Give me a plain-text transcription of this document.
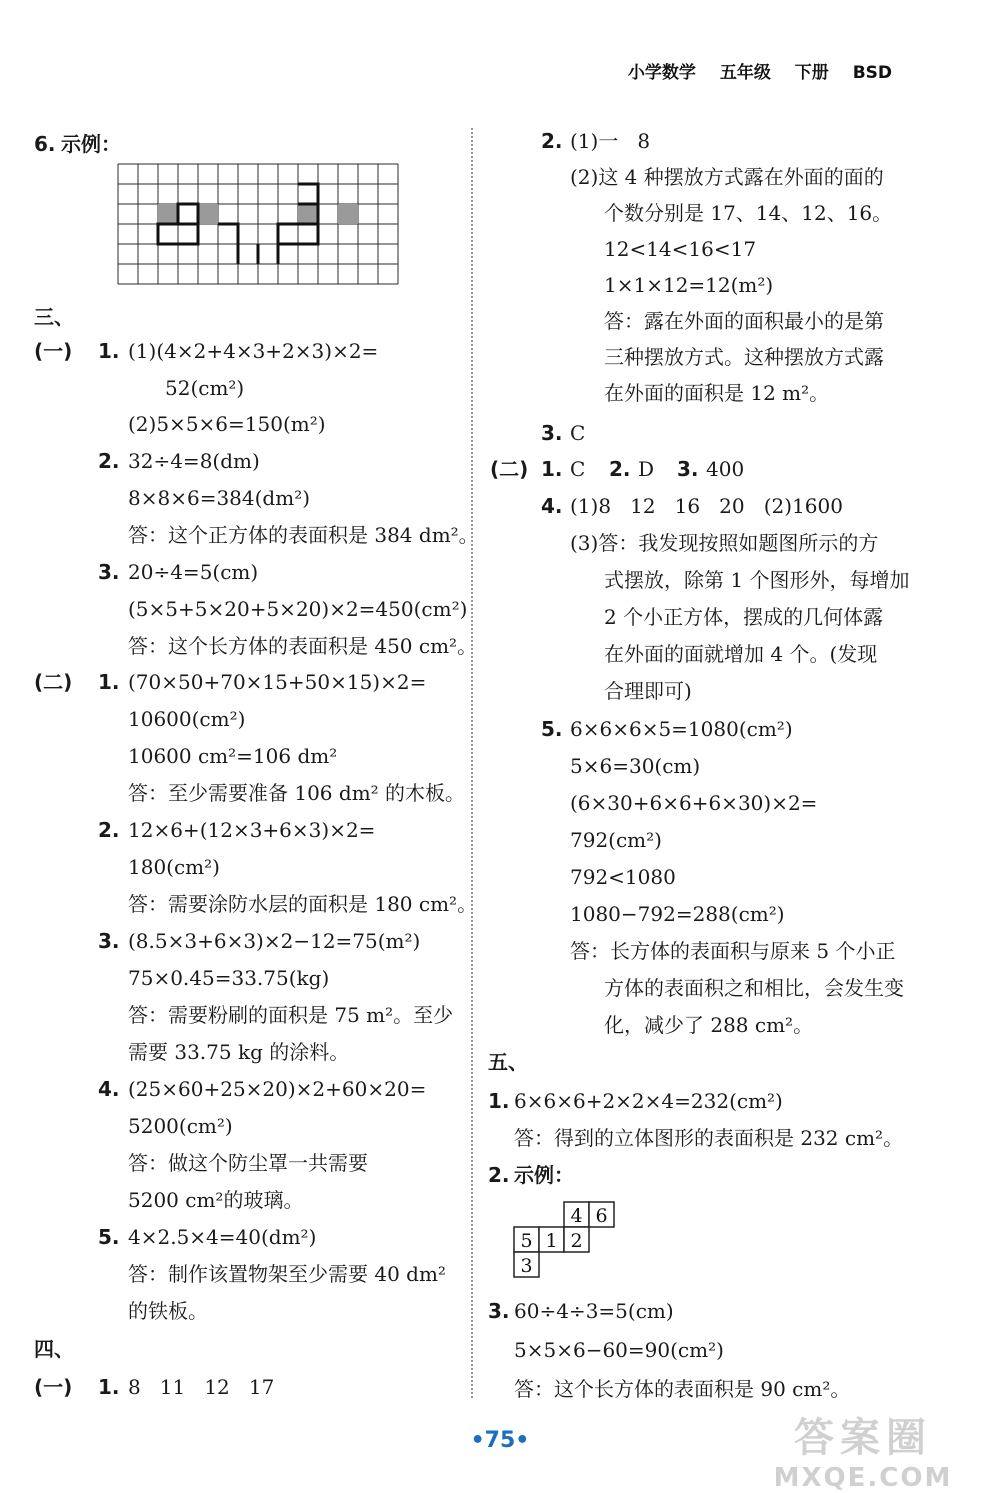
小学数学 五年级 下册 BSD
6. 示例：
三、
(一) 1. (1)(4×2+4×3+2×3)×2=
52(cm²)
(2)5×5×6=150(m²)
2. 32÷4=8(dm)
8×8×6=384(dm²)
答：这个正方体的表面积是 384 dm²。
3. 20÷4=5(cm)
(5×5+5×20+5×20)×2=450(cm²)
答：这个长方体的表面积是 450 cm²。
(二) 1. (70×50+70×15+50×15)×2=
10600(cm²)
10600 cm²=106 dm²
答：至少需要准备 106 dm² 的木板。
2. 12×6+(12×3+6×3)×2=
180(cm²)
答：需要涂防水层的面积是 180 cm²。
3. (8.5×3+6×3)×2−12=75(m²)
75×0.45=33.75(kg)
答：需要粉刷的面积是 75 m²。至少
需要 33.75 kg 的涂料。
4. (25×60+25×20)×2+60×20=
5200(cm²)
答：做这个防尘罩一共需要
5200 cm²的玻璃。
5. 4×2.5×4=40(dm²)
答：制作该置物架至少需要 40 dm²
的铁板。
四、
(一) 1. 8   11   12   17
2. (1)一   8
(2)这 4 种摆放方式露在外面的面的
个数分别是 17、14、12、16。
12<14<16<17
1×1×12=12(m²)
答：露在外面的面积最小的是第
三种摆放方式。这种摆放方式露
在外面的面积是 12 m²。
3. C
(二) 1. C 2. D 3. 400
4. (1)8   12   16   20   (2)1600
(3)答：我发现按照如题图所示的方
式摆放，除第 1 个图形外，每增加
2 个小正方体，摆成的几何体露
在外面的面就增加 4 个。(发现
合理即可)
5. 6×6×6×5=1080(cm²)
5×6=30(cm)
(6×30+6×6+6×30)×2=
792(cm²)
792<1080
1080−792=288(cm²)
答：长方体的表面积与原来 5 个小正
方体的表面积之和相比，会发生变
化，减少了 288 cm²。
五、
1. 6×6×6+2×2×4=232(cm²)
答：得到的立体图形的表面积是 232 cm²。
2. 示例：
4 6
5 1 2
3
3. 60÷4÷3=5(cm)
5×5×6−60=90(cm²)
答：这个长方体的表面积是 90 cm²。
•75•	答案圈
MXQE.COM
